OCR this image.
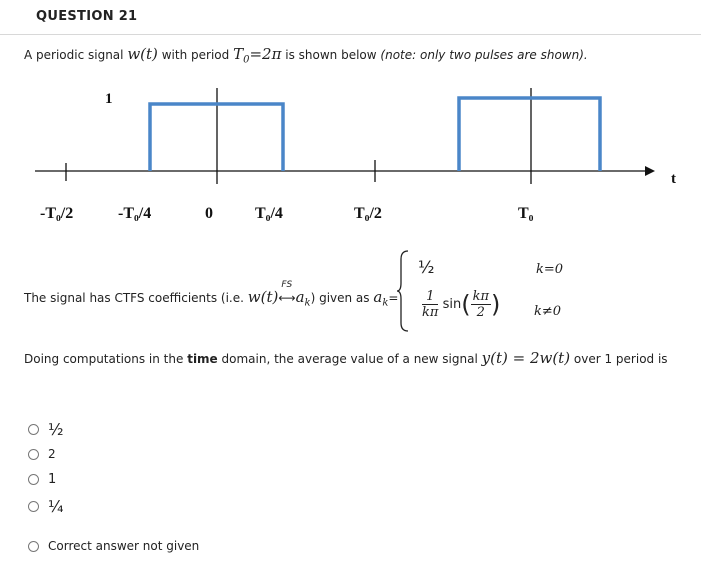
QUESTION 21
A periodic signal w(t) with period $T_0=2\pi$ is shown below (note: only two pulses are shown).
1
t
-T₀/2	-T₀/4	0	T₀/4	T₀/2	T₀
The signal has CTFS coefficients (i.e. w(t)
FS
$⟷a_k$) given as $a_k=$
½	k=0
$\frac{1}{k\pi} \sin( \frac{k\pi}{2}$ )	k≠0
Doing computations in the time domain, the average value of a new signal y(t) = 2w(t) over 1 period is
½
2
1
¼
Correct answer not given
